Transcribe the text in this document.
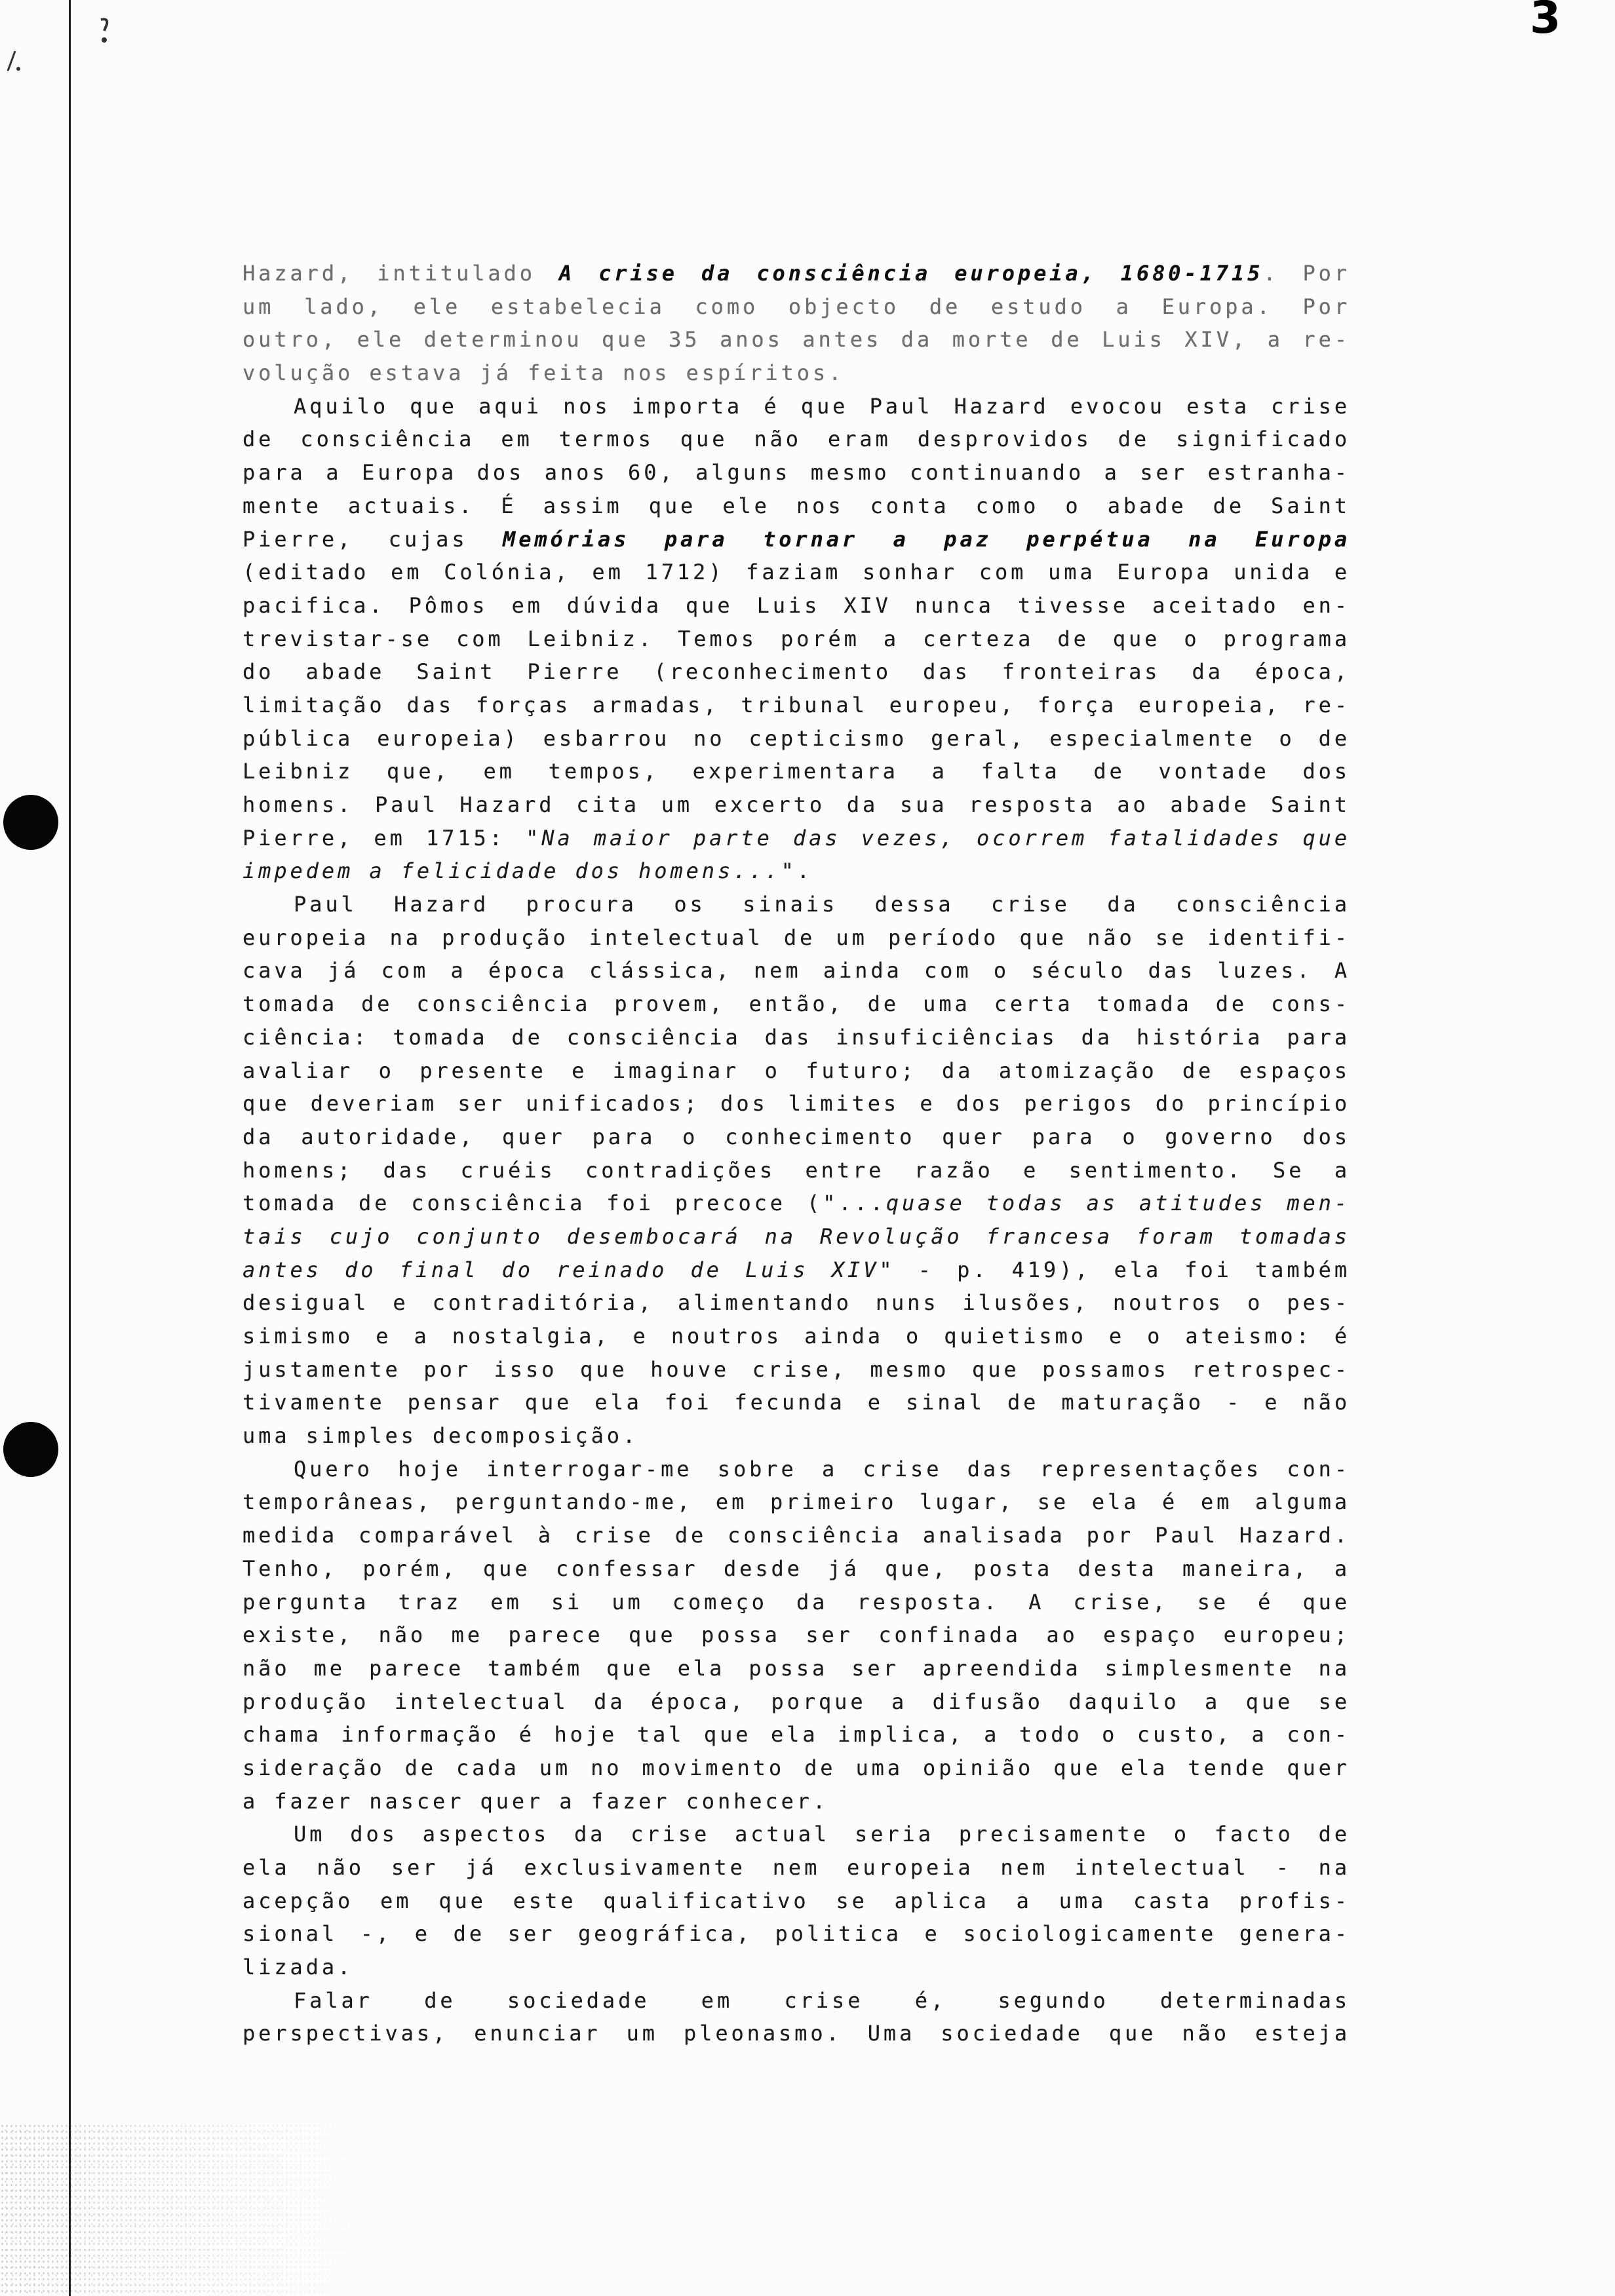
3
Hazard, intitulado A crise da consciência europeia, 1680-1715. Por
um lado, ele estabelecia como objecto de estudo a Europa. Por
outro, ele determinou que 35 anos antes da morte de Luis XIV, a re-
volução estava já feita nos espíritos.
Aquilo que aqui nos importa é que Paul Hazard evocou esta crise
de consciência em termos que não eram desprovidos de significado
para a Europa dos anos 60, alguns mesmo continuando a ser estranha-
mente actuais. É assim que ele nos conta como o abade de Saint
Pierre, cujas Memórias para tornar a paz perpétua na Europa
(editado em Colónia, em 1712) faziam sonhar com uma Europa unida e
pacifica. Pômos em dúvida que Luis XIV nunca tivesse aceitado en-
trevistar-se com Leibniz. Temos porém a certeza de que o programa
do abade Saint Pierre (reconhecimento das fronteiras da época,
limitação das forças armadas, tribunal europeu, força europeia, re-
pública europeia) esbarrou no cepticismo geral, especialmente o de
Leibniz que, em tempos, experimentara a falta de vontade dos
homens. Paul Hazard cita um excerto da sua resposta ao abade Saint
Pierre, em 1715: "Na maior parte das vezes, ocorrem fatalidades que
impedem a felicidade dos homens...".
Paul Hazard procura os sinais dessa crise da consciência
europeia na produção intelectual de um período que não se identifi-
cava já com a época clássica, nem ainda com o século das luzes. A
tomada de consciência provem, então, de uma certa tomada de cons-
ciência: tomada de consciência das insuficiências da história para
avaliar o presente e imaginar o futuro; da atomização de espaços
que deveriam ser unificados; dos limites e dos perigos do princípio
da autoridade, quer para o conhecimento quer para o governo dos
homens; das cruéis contradições entre razão e sentimento. Se a
tomada de consciência foi precoce ("...quase todas as atitudes men-
tais cujo conjunto desembocará na Revolução francesa foram tomadas
antes do final do reinado de Luis XIV" - p. 419), ela foi também
desigual e contraditória, alimentando nuns ilusões, noutros o pes-
simismo e a nostalgia, e noutros ainda o quietismo e o ateismo: é
justamente por isso que houve crise, mesmo que possamos retrospec-
tivamente pensar que ela foi fecunda e sinal de maturação - e não
uma simples decomposição.
Quero hoje interrogar-me sobre a crise das representações con-
temporâneas, perguntando-me, em primeiro lugar, se ela é em alguma
medida comparável à crise de consciência analisada por Paul Hazard.
Tenho, porém, que confessar desde já que, posta desta maneira, a
pergunta traz em si um começo da resposta. A crise, se é que
existe, não me parece que possa ser confinada ao espaço europeu;
não me parece também que ela possa ser apreendida simplesmente na
produção intelectual da época, porque a difusão daquilo a que se
chama informação é hoje tal que ela implica, a todo o custo, a con-
sideração de cada um no movimento de uma opinião que ela tende quer
a fazer nascer quer a fazer conhecer.
Um dos aspectos da crise actual seria precisamente o facto de
ela não ser já exclusivamente nem europeia nem intelectual - na
acepção em que este qualificativo se aplica a uma casta profis-
sional -, e de ser geográfica, politica e sociologicamente genera-
lizada.
Falar de sociedade em crise é, segundo determinadas
perspectivas, enunciar um pleonasmo. Uma sociedade que não esteja
